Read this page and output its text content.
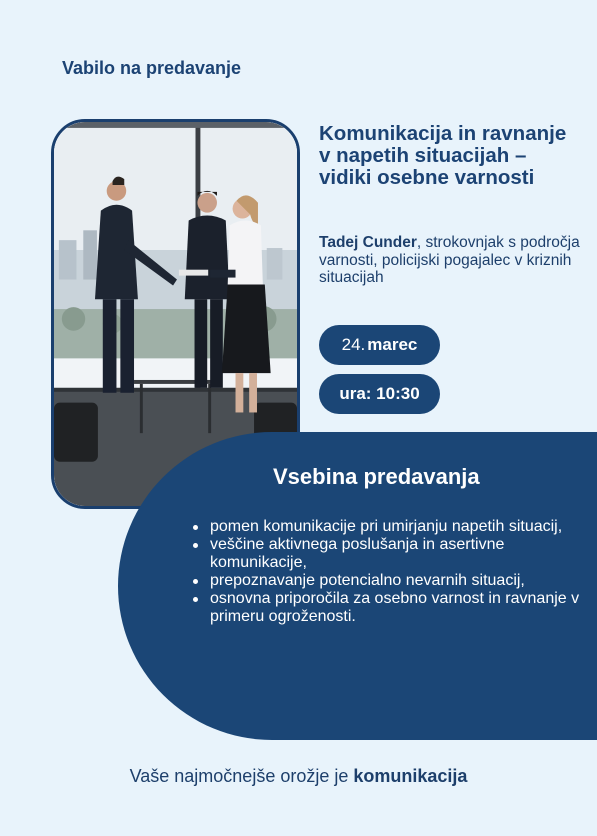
Vabilo na predavanje
Komunikacija in ravnanje v napetih situacijah – vidiki osebne varnosti
Tadej Cunder, strokovnjak s področja varnosti, policijski pogajalec v kriznih situacijah
24. marec
ura: 10:30
Vsebina predavanja
pomen komunikacije pri umirjanju napetih situacij,
veščine aktivnega poslušanja in asertivne komunikacije,
prepoznavanje potencialno nevarnih situacij,
osnovna priporočila za osebno varnost in ravnanje v primeru ogroženosti.
Vaše najmočnejše orožje je komunikacija
